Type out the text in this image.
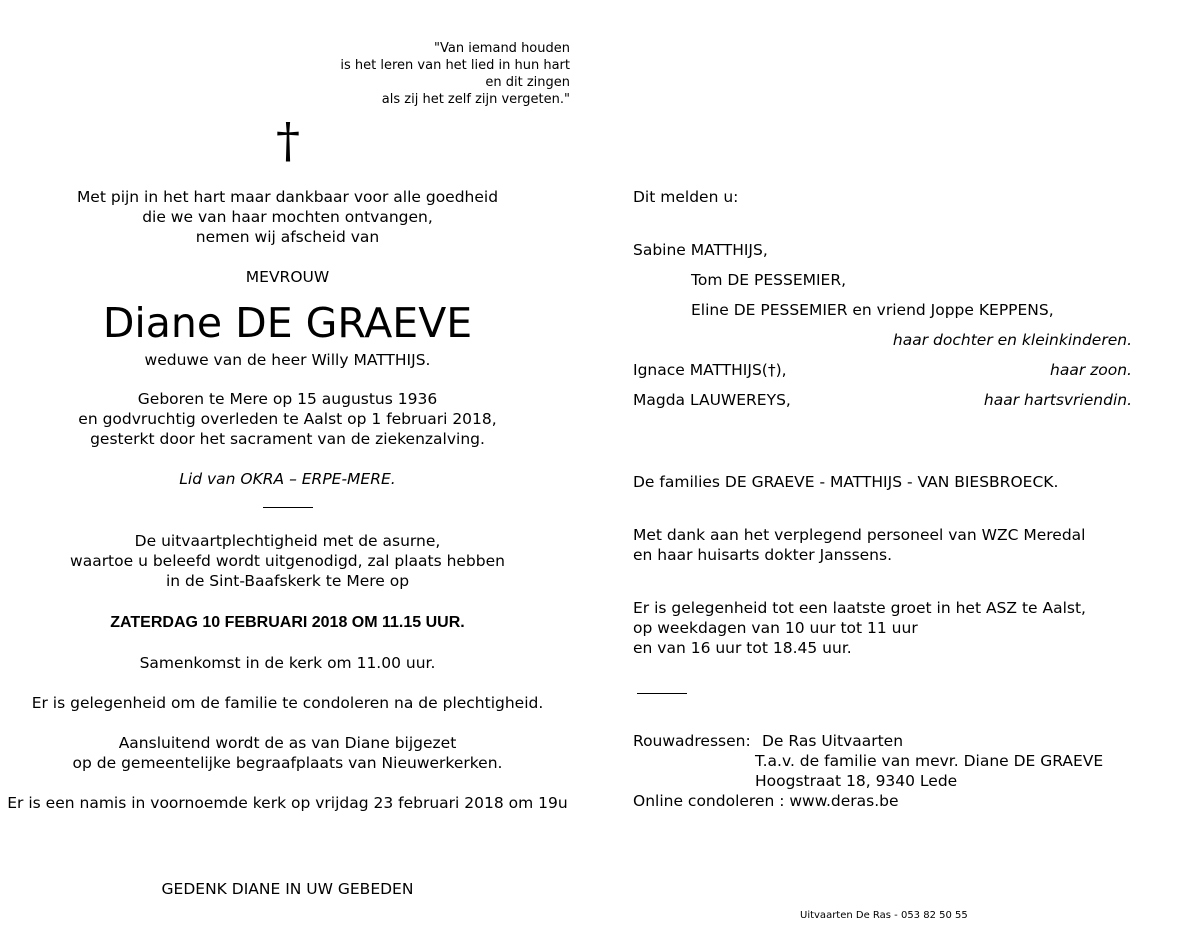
"Van iemand houden
is het leren van het lied in hun hart
en dit zingen
als zij het zelf zijn vergeten."
†
Met pijn in het hart maar dankbaar voor alle goedheid
die we van haar mochten ontvangen,
nemen wij afscheid van
MEVROUW
Diane DE GRAEVE
weduwe van de heer Willy MATTHIJS.
Geboren te Mere op 15 augustus 1936
en godvruchtig overleden te Aalst op 1 februari 2018,
gesterkt door het sacrament van de ziekenzalving.
Lid van OKRA – ERPE-MERE.
De uitvaartplechtigheid met de asurne,
waartoe u beleefd wordt uitgenodigd, zal plaats hebben
in de Sint-Baafskerk te Mere op
ZATERDAG 10 FEBRUARI 2018 OM 11.15 UUR.
Samenkomst in de kerk om 11.00 uur.
Er is gelegenheid om de familie te condoleren na de plechtigheid.
Aansluitend wordt de as van Diane bijgezet
op de gemeentelijke begraafplaats van Nieuwerkerken.
Er is een namis in voornoemde kerk op vrijdag 23 februari 2018 om 19u
GEDENK DIANE IN UW GEBEDEN
Dit melden u:
Sabine MATTHIJS,
Tom DE PESSEMIER,
Eline DE PESSEMIER en vriend Joppe KEPPENS,
haar dochter en kleinkinderen.
Ignace MATTHIJS(†),	haar zoon.
Magda LAUWEREYS,	haar hartsvriendin.
De families DE GRAEVE - MATTHIJS - VAN BIESBROECK.
Met dank aan het verplegend personeel van WZC Meredal
en haar huisarts dokter Janssens.
Er is gelegenheid tot een laatste groet in het ASZ te Aalst,
op weekdagen van 10 uur tot 11 uur
en van 16 uur tot 18.45 uur.
Rouwadressen: De Ras Uitvaarten
T.a.v. de familie van mevr. Diane DE GRAEVE
Hoogstraat 18, 9340 Lede
Online condoleren : www.deras.be
Uitvaarten De Ras - 053 82 50 55
